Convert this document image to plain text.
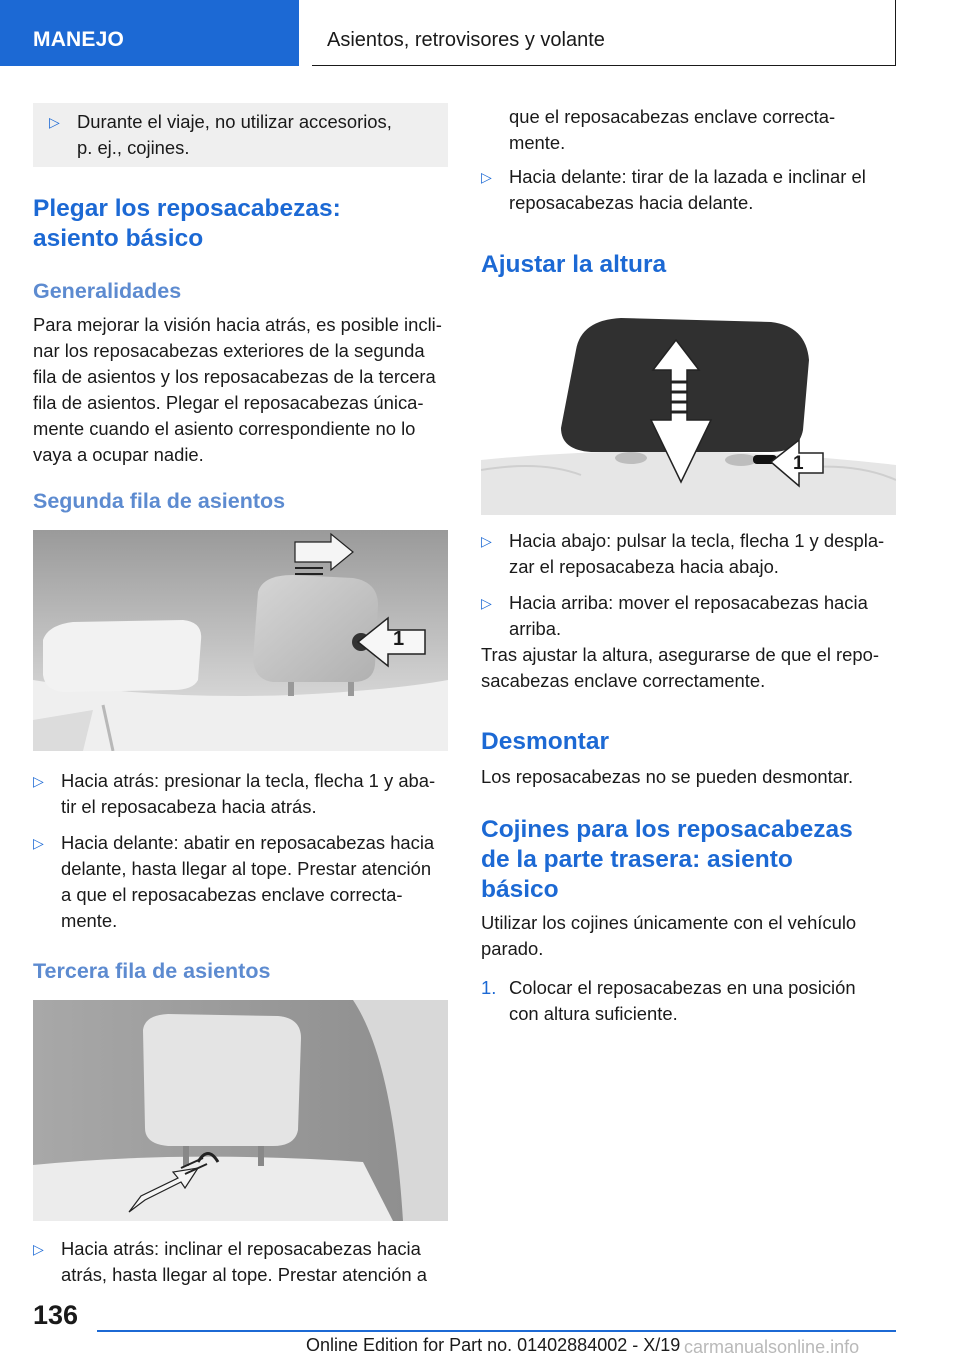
MANEJO	Asientos, retrovisores y volante
▷ Durante el viaje, no utilizar accesorios,
p. ej., cojines.
Plegar los reposacabezas:
asiento básico
Generalidades
Para mejorar la visión hacia atrás, es posible incli-
nar los reposacabezas exteriores de la segunda
fila de asientos y los reposacabezas de la tercera
fila de asientos. Plegar el reposacabezas única-
mente cuando el asiento correspondiente no lo
vaya a ocupar nadie.
Segunda fila de asientos
1
▷ Hacia atrás: presionar la tecla, flecha 1 y aba-
tir el reposacabeza hacia atrás.
▷ Hacia delante: abatir en reposacabezas hacia
delante, hasta llegar al tope. Prestar atención
a que el reposacabezas enclave correcta-
mente.
Tercera fila de asientos
▷ Hacia atrás: inclinar el reposacabezas hacia
atrás, hasta llegar al tope. Prestar atención a
que el reposacabezas enclave correcta-
mente.
▷ Hacia delante: tirar de la lazada e inclinar el
reposacabezas hacia delante.
Ajustar la altura
1
▷ Hacia abajo: pulsar la tecla, flecha 1 y despla-
zar el reposacabeza hacia abajo.
▷ Hacia arriba: mover el reposacabezas hacia
arriba.
Tras ajustar la altura, asegurarse de que el repo-
sacabezas enclave correctamente.
Desmontar
Los reposacabezas no se pueden desmontar.
Cojines para los reposacabezas
de la parte trasera: asiento
básico
Utilizar los cojines únicamente con el vehículo
parado.
1. Colocar el reposacabezas en una posición
con altura suficiente.
136
Online Edition for Part no. 01402884002 - X/19 carmanualsonline.info
